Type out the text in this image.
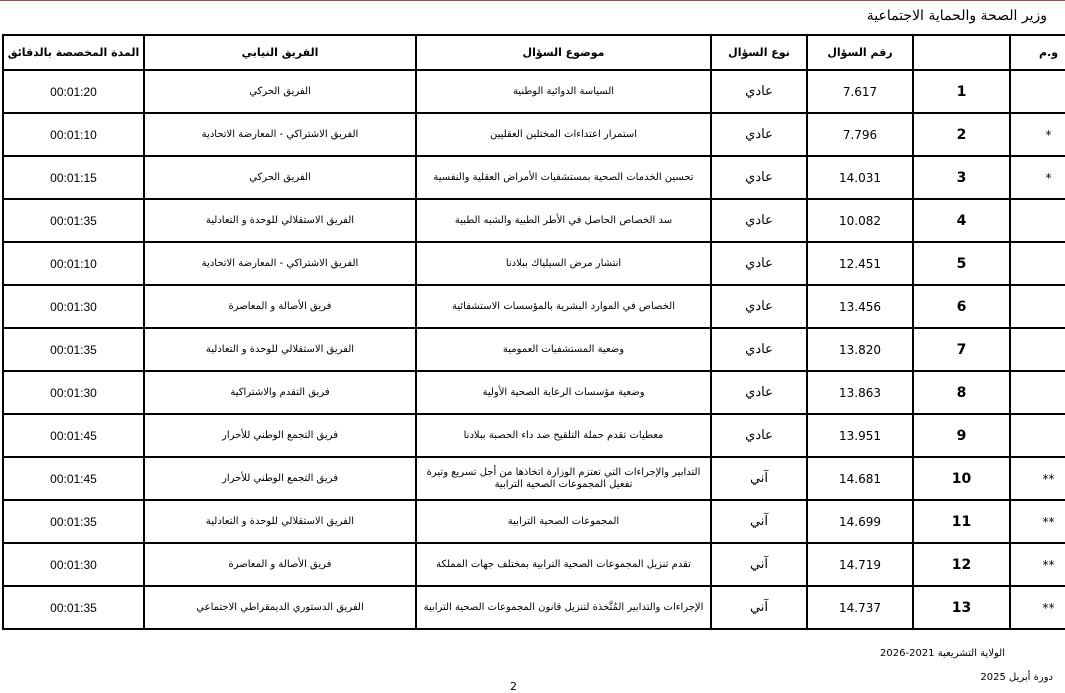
وزير الصحة والحماية الاجتماعية
و.م		رقم السؤال	نوع السؤال	موضوع السؤال	الفريق النيابي	المدة المخصصة بالدقائق
	1	7.617	عادي	السياسة الدوائية الوطنية	الفريق الحركي	00:01:20
*	2	7.796	عادي	استمرار اعتداءات المختلين العقليين	الفريق الاشتراكي - المعارضة الاتحادية	00:01:10
*	3	14.031	عادي	تحسين الخدمات الصحية بمستشفيات الأمراض العقلية والنفسية	الفريق الحركي	00:01:15
	4	10.082	عادي	سد الخصاص الحاصل في الأطر الطبية والشبه الطبية	الفريق الاستقلالي للوحدة و التعادلية	00:01:35
	5	12.451	عادي	انتشار مرض السيلياك ببلادنا	الفريق الاشتراكي - المعارضة الاتحادية	00:01:10
	6	13.456	عادي	الخصاص في الموارد البشرية بالمؤسسات الاستشفائية	فريق الأصالة و المعاصرة	00:01:30
	7	13.820	عادي	وضعية المستشفيات العمومية	الفريق الاستقلالي للوحدة و التعادلية	00:01:35
	8	13.863	عادي	وضعية مؤسسات الرعاية الصحية الأولية	فريق التقدم والاشتراكية	00:01:30
	9	13.951	عادي	معطيات تقدم حملة التلقيح ضد داء الحصبة ببلادنا	فريق التجمع الوطني للأحرار	00:01:45
**	10	14.681	آني	التدابير والإجراءات التي تعتزم الوزارة اتخاذها من أجل تسريع وتيرة تفعيل المجموعات الصحية الترابية	فريق التجمع الوطني للأحرار	00:01:45
**	11	14.699	آني	المجموعات الصحية الترابية	الفريق الاستقلالي للوحدة و التعادلية	00:01:35
**	12	14.719	آني	تقدم تنزيل المجموعات الصحية الترابية بمختلف جهات المملكة	فريق الأصالة و المعاصرة	00:01:30
**	13	14.737	آني	الإجراءات والتدابير المُتَّخذة لتنزيل قانون المجموعات الصحية الترابية	الفريق الدستوري الديمقراطي الاجتماعي	00:01:35
الولاية التشريعية 2021-2026
دورة أبريل 2025
2
